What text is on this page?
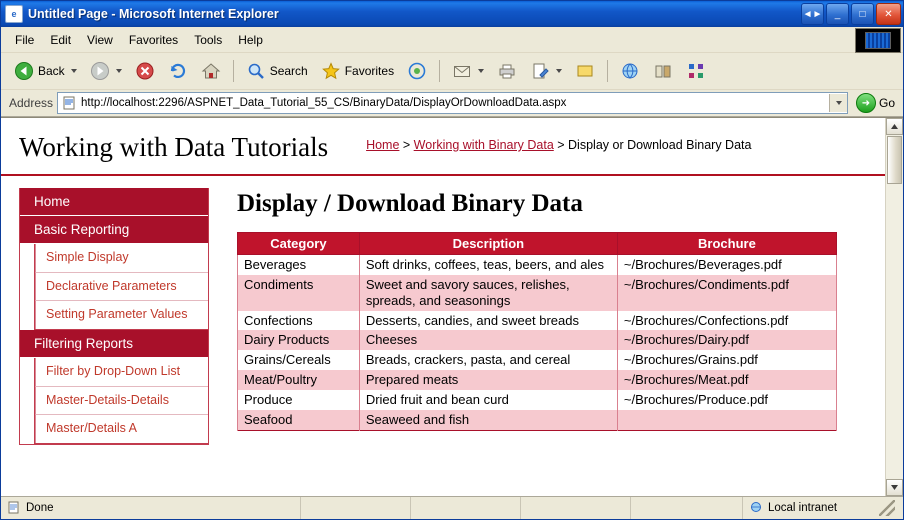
e Untitled Page - Microsoft Internet Explorer	◄►	_	□	✕
File	Edit	View	Favorites	Tools	Help
Back	Search	Favorites
Address http://localhost:2296/ASPNET_Data_Tutorial_55_CS/BinaryData/DisplayOrDownloadData.aspx	➜ Go
Working with Data Tutorials	Home > Working with Binary Data > Display or Download Binary Data
Home
Basic Reporting
Simple Display
Declarative Parameters
Setting Parameter Values
Filtering Reports
Filter by Drop-Down List
Master-Details-Details
Master/Details A
Display / Download Binary Data
Category	Description	Brochure
Beverages	Soft drinks, coffees, teas, beers, and ales	~/Brochures/Beverages.pdf
Condiments	Sweet and savory sauces, relishes, spreads, and seasonings	~/Brochures/Condiments.pdf
Confections	Desserts, candies, and sweet breads	~/Brochures/Confections.pdf
Dairy Products	Cheeses	~/Brochures/Dairy.pdf
Grains/Cereals	Breads, crackers, pasta, and cereal	~/Brochures/Grains.pdf
Meat/Poultry	Prepared meats	~/Brochures/Meat.pdf
Produce	Dried fruit and bean curd	~/Brochures/Produce.pdf
Seafood	Seaweed and fish	
Done	Local intranet
